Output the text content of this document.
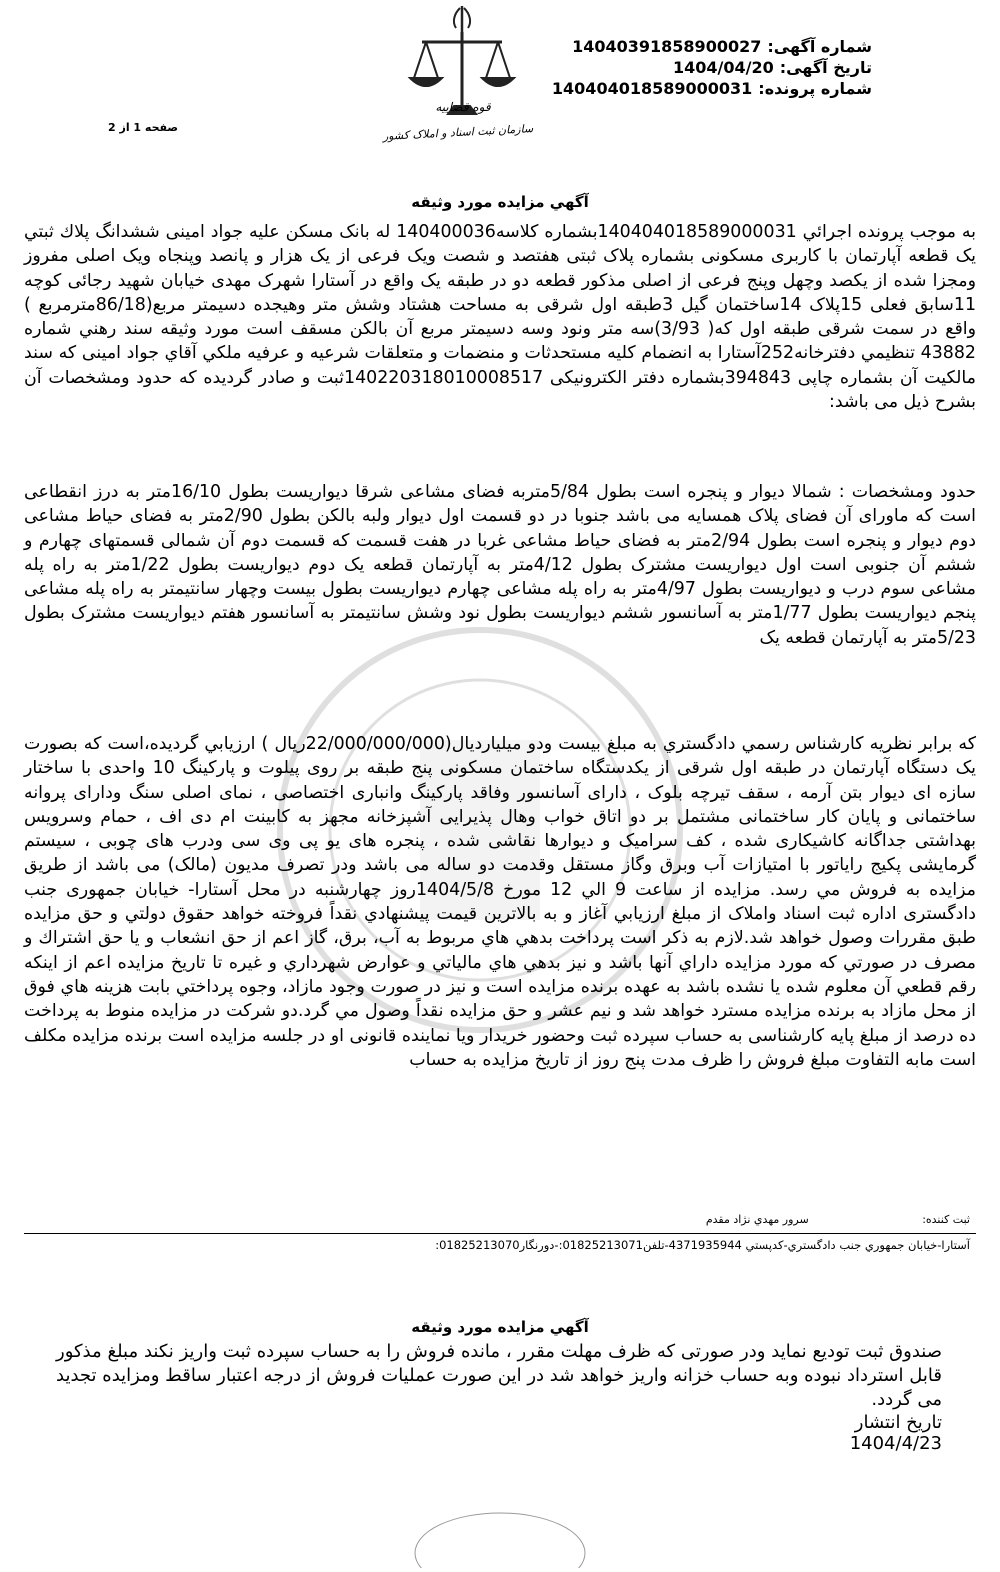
قوه قضاییه
سازمان ثبت اسناد و املاک کشور
شماره آگهی:14040391858900027
تاریخ آگهی:1404/04/20
شماره پرونده:140404018589000031
صفحه 1 از 2
آگهي مزایده مورد وثیقه

به موجب پرونده اجرائي 140404018589000031بشماره کلاسه140400036 له بانک مسکن علیه جواد امینی ششدانگ پلاك ثبتي یک قطعه آپارتمان با کاربری مسکونی بشماره پلاک ثبتی هفتصد و شصت ویک فرعی از یک هزار و پانصد وپنجاه ویک اصلی مفروز ومجزا شده از یکصد وچهل وپنج فرعی از اصلی مذکور قطعه دو در طبقه یک واقع در آستارا شهرک مهدی خیابان شهید رجائی کوچه 11سابق فعلی 15پلاک 14ساختمان گیل 3طبقه اول شرقی به مساحت هشتاد وشش متر وهیجده دسیمتر مربع(86/18مترمربع ) واقع در سمت شرقی طبقه اول که( 3/93)سه متر ونود وسه دسیمتر مربع آن بالکن مسقف است مورد وثیقه سند رهني شماره 43882 تنظیمي دفترخانه252آستارا به انضمام کلیه مستحدثات و منضمات و متعلقات شرعیه و عرفیه ملكي آقاي جواد امینی که سند مالکیت آن بشماره چاپی 394843بشماره دفتر الکترونیکی 14022031801000851‌7ثبت و صادر گردیده که حدود ومشخصات آن بشرح ذیل می باشد:

حدود ومشخصات : شمالا دیوار و پنجره است بطول 5/84متربه فضای مشاعی شرقا دیواریست بطول 16/10متر به درز انقطاعی است که ماورای آن فضای پلاک همسایه می باشد جنوبا در دو قسمت اول دیوار ولبه بالکن بطول 2/90متر به فضای حیاط مشاعی دوم دیوار و پنجره است بطول 2/94متر به فضای حیاط مشاعی غربا در هفت قسمت که قسمت دوم آن شمالی قسمتهای چهارم و ششم آن جنوبی است اول دیواریست مشترک بطول 4/12متر به آپارتمان قطعه یک دوم دیواریست بطول 1/22متر به راه پله مشاعی سوم درب و دیواریست بطول 4/97متر به راه پله مشاعی چهارم دیواریست بطول بیست وچهار سانتیمتر به راه پله مشاعی پنجم دیواریست بطول 1/77متر به آسانسور ششم دیواریست بطول نود وشش سانتیمتر به آسانسور هفتم دیواریست مشترک بطول 5/23متر به آپارتمان قطعه یک

که برابر نظریه کارشناس رسمي دادگستري به مبلغ بیست ودو میلیاردیال(22/000/000/000ریال ) ارزیابي گردیده،است که بصورت یک دستگاه آپارتمان در طبقه اول شرقی از یکدستگاه ساختمان مسکونی پنج طبقه بر روی پیلوت و پارکینگ 10 واحدی با ساختار سازه ای دیوار بتن آرمه ، سقف تیرچه بلوک ، دارای آسانسور وفاقد پارکینگ وانباری اختصاصی ، نمای اصلی سنگ ودارای پروانه ساختمانی و پایان کار ساختمانی مشتمل بر دو اتاق خواب وهال پذیرایی آشپزخانه مجهز به کابینت ام دی اف ، حمام وسرویس بهداشتی جداگانه کاشیکاری شده ، کف سرامیک و دیوارها نقاشی شده ، پنجره های یو پی وی سی ودرب های چوبی ، سیستم گرمایشی پکیج رایاتور با امتیازات آب وبرق وگاز مستقل وقدمت دو ساله می باشد ودر تصرف مدیون (مالک) می باشد از طریق مزایده به فروش مي رسد. مزایده از ساعت 9 الي 12 مورخ 1404/5/8روز چهارشنبه در محل آستارا- خیابان جمهوری جنب دادگستری اداره ثبت اسناد واملاک از مبلغ ارزیابي آغاز و به بالاترین قیمت پیشنهادي نقداً فروخته خواهد حقوق دولتي و حق مزایده طبق مقررات وصول خواهد شد.لازم به ذکر است پرداخت بدهي هاي مربوط به آب، برق، گاز اعم از حق انشعاب و یا حق اشتراك و مصرف در صورتي که مورد مزایده داراي آنها باشد و نیز بدهي هاي مالیاتي و عوارض شهرداري و غیره تا تاریخ مزایده اعم از اینکه رقم قطعي آن معلوم شده یا نشده باشد به عهده برنده مزایده است و نیز در صورت وجود مازاد، وجوه پرداختي بابت هزینه هاي فوق از محل مازاد به برنده مزایده مسترد خواهد شد و نیم عشر و حق مزایده نقداً وصول مي گرد.دو شرکت در مزایده منوط به پرداخت ده درصد از مبلغ پایه کارشناسی به حساب سپرده ثبت وحضور خریدار ویا نماینده قانونی او در جلسه مزایده است برنده مزایده مکلف است مابه التفاوت مبلغ فروش را ظرف مدت پنج روز از تاریخ مزایده به حساب

ثبت کننده: سرور مهدي نژاد مقدم
آستارا-خیابان جمهوري جنب دادگستري-کدپستي 4371935944-تلفن01825213071:-دورنگار01825213070:
آگهي مزایده مورد وثیقه

صندوق ثبت تودیع نماید ودر صورتی که ظرف مهلت مقرر ، مانده فروش را به حساب سپرده ثبت واریز نکند مبلغ مذکور قابل استرداد نبوده وبه حساب خزانه واریز خواهد شد در این صورت عملیات فروش از درجه اعتبار ساقط ومزایده تجدید می گردد.

تاریخ انتشار
1404/4/23
